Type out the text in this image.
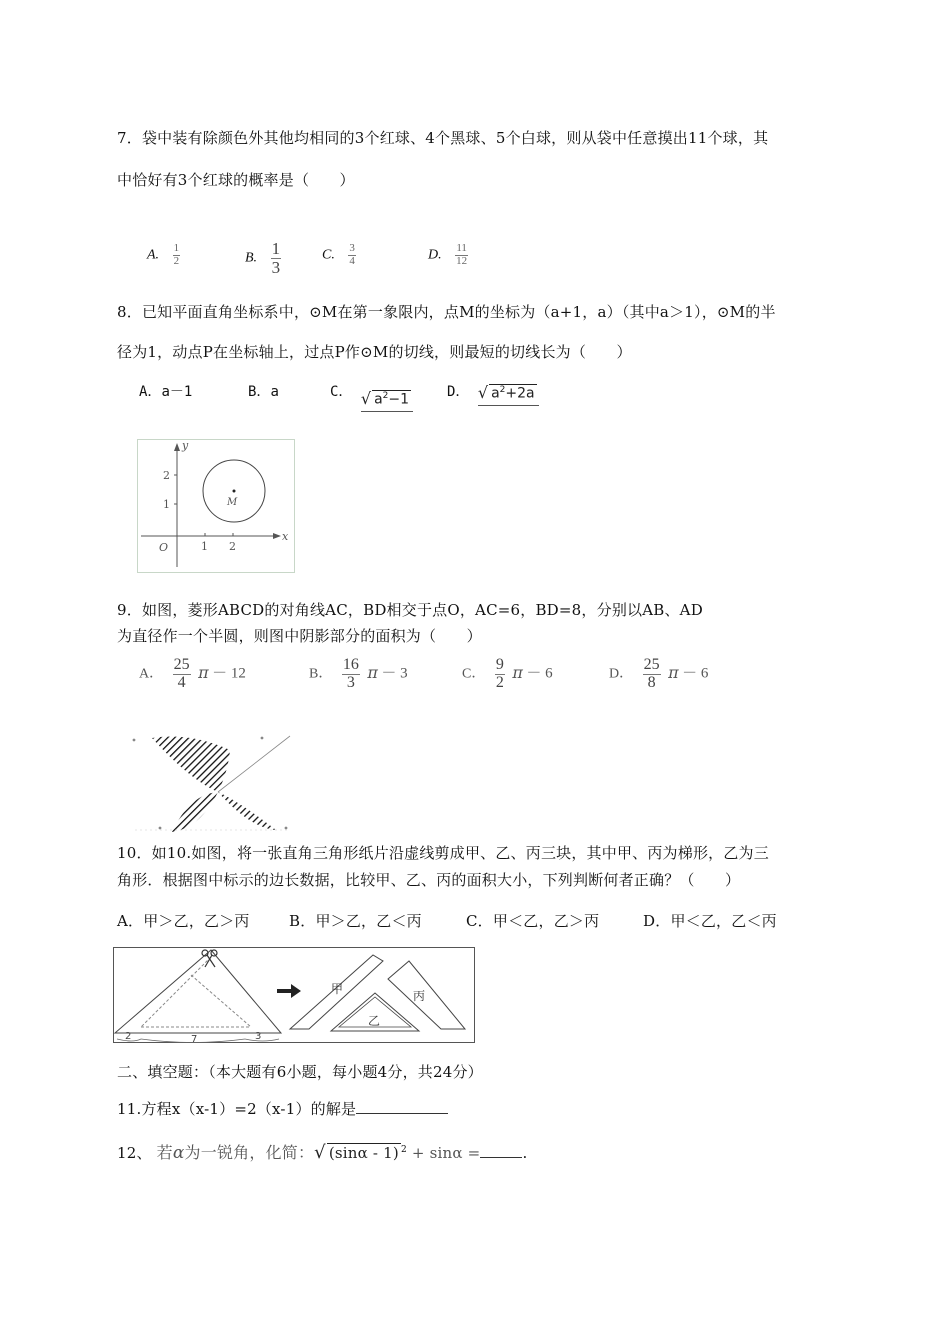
7．袋中装有除颜色外其他均相同的3个红球、4个黑球、5个白球，则从袋中任意摸出11个球，其
中恰好有3个红球的概率是（　　）
A. $\frac{1}{2}$	B. $\frac{1}{3}$	C. $\frac{3}{4}$	D. $\frac{11}{12}$
8．已知平面直角坐标系中，⊙M在第一象限内，点M的坐标为（a+1，a）（其中a＞1），⊙M的半
径为1，动点P在坐标轴上，过点P作⊙M的切线，则最短的切线长为（　　）
A．a－1	B．a	C． √ $a^2-1$	D． √ $a^2+2a$
y
x
O
2
1
1 2
M
9．如图，菱形ABCD的对角线AC，BD相交于点O，AC=6，BD=8，分别以AB、AD
为直径作一个半圆，则图中阴影部分的面积为（　　）
A． $\frac{25}{4}$ π － 12	B． $\frac{16}{3}$ π － 3	C． $\frac{9}{2}$ π － 6	D． $\frac{25}{8}$ π － 6
10．如10.如图，将一张直角三角形纸片沿虚线剪成甲、乙、丙三块，其中甲、丙为梯形，乙为三
角形．根据图中标示的边长数据，比较甲、乙、丙的面积大小，下列判断何者正确？（　　）
A．甲＞乙，乙＞丙	B．甲＞乙，乙＜丙	C．甲＜乙，乙＞丙	D．甲＜乙，乙＜丙
2	7	3
甲
乙
丙
二、填空题：（本大题有6小题，每小题4分，共24分）
11.方程x（x-1）=2（x-1）的解是
12、 若α为一锐角，化简：√ (sinα - 1) $^2$ + sinα =	.
